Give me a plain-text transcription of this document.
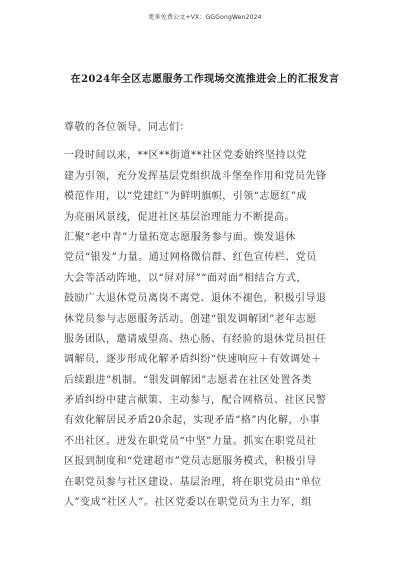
更多免费公文+VX：GGGongWen2024
在2024年全区志愿服务工作现场交流推进会上的汇报发言
尊敬的各位领导，同志们：
一段时间以来，**区**街道**社区党委始终坚持以党
建为引领，充分发挥基层党组织战斗堡垒作用和党员先锋
模范作用，以“党建红”为鲜明旗帜，引领“志愿红”成
为亮丽风景线，促进社区基层治理能力不断提高。
汇聚“老中青”力量拓宽志愿服务参与面。焕发退休
党员“银发”力量。通过网格微信群、红色宣传栏、党员
大会等活动阵地，以“屏对屏”“面对面”相结合方式，
鼓励广大退休党员离岗不离党、退休不褪色，积极引导退
休党员参与志愿服务活动。创建“银发调解团”老年志愿
服务团队，邀请威望高、热心肠、有经验的退休党员担任
调解员，逐步形成化解矛盾纠纷“快速响应＋有效调处＋
后续跟进”机制。“银发调解团”志愿者在社区处置各类
矛盾纠纷中建言献策、主动参与，配合网格员、社区民警
有效化解居民矛盾20余起，实现矛盾“格”内化解，小事
不出社区。迸发在职党员“中坚”力量。抓实在职党员社
区报到制度和“党建超市”党员志愿服务模式，积极引导
在职党员参与社区建设、基层治理，将在职党员由“单位
人”变成“社区人”。社区党委以在职党员为主力军，组
